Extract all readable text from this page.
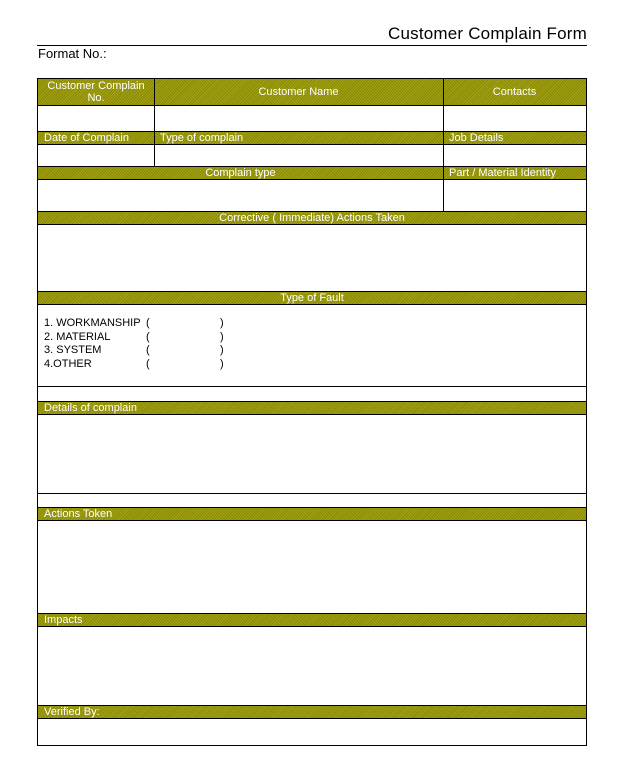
Customer Complain Form
Format No.:
Customer Complain No.	Customer Name	Contacts
Date of Complain	Type of complain	Job Details
Complain type	Part / Material Identity
Corrective ( Immediate) Actions Taken
Type of Fault
1. WORKMANSHIP (	)
2. MATERIAL	(	)
3. SYSTEM	(	)
4.OTHER	(	)
Details of complain
Actions Token
Impacts
Verified By:
